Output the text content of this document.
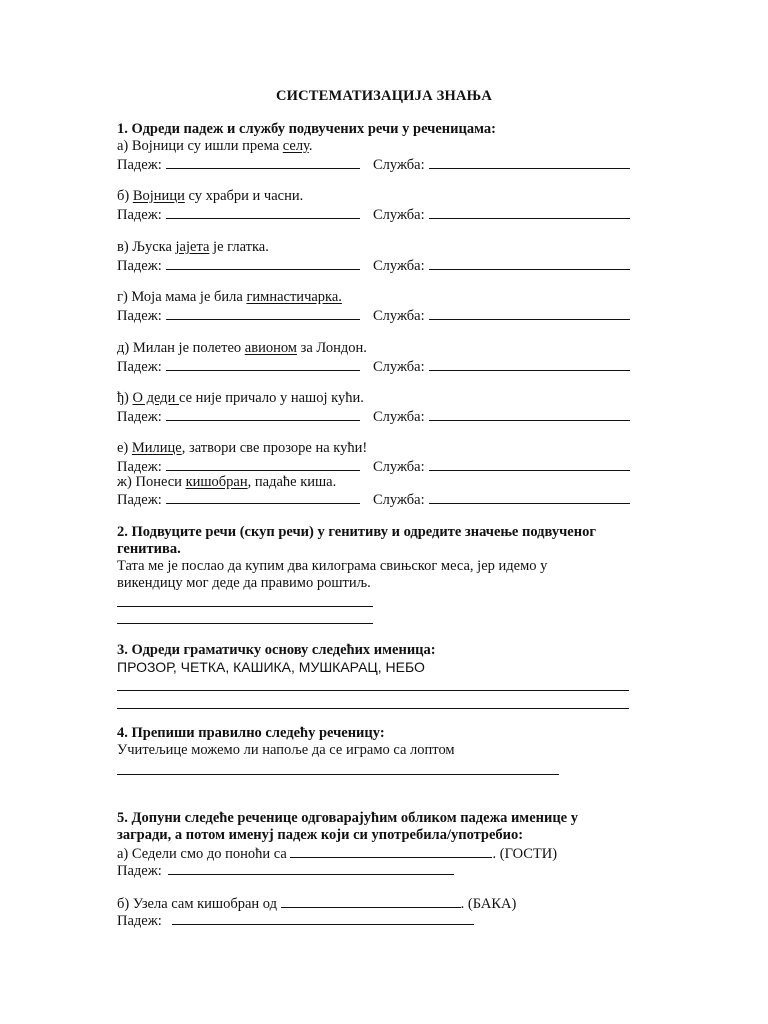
СИСТЕМАТИЗАЦИЈА ЗНАЊА
1. Одреди падеж и службу подвучених речи у реченицама:
а) Војници су ишли према селу.
Падеж:	Служба:
б) Војници су храбри и часни.
Падеж:	Служба:
в) Љуска јајета је глатка.
Падеж:	Служба:
г) Моја мама је била гимнастичарка.
Падеж:	Служба:
д) Милан је полетео авионом за Лондон.
Падеж:	Служба:
ђ) О деди се није причало у нашој кући.
Падеж:	Служба:
е) Милице, затвори све прозоре на кући!
Падеж:	Служба:
ж) Понеси кишобран, падаће киша.
Падеж:	Служба:
2. Подвуците речи (скуп речи) у генитиву и одредите значење подвученог
генитива.
Тата ме је послао да купим два килограма свињског меса, јер идемо у
викендицу мог деде да правимо роштиљ.
3. Одреди граматичку основу следећих именица:
ПРОЗОР, ЧЕТКА, КАШИКА, МУШКАРАЦ, НЕБО
4. Препиши правилно следећу реченицу:
Учитељице можемо ли напоље да се играмо са лоптом
5. Допуни следеће реченице одговарајућим обликом падежа именице у
загради, а потом именуј падеж који си употребила/употребио:
а) Седели смо до поноћи са	. (ГОСТИ)
Падеж:
б) Узела сам кишобран од	. (БАКА)
Падеж:
